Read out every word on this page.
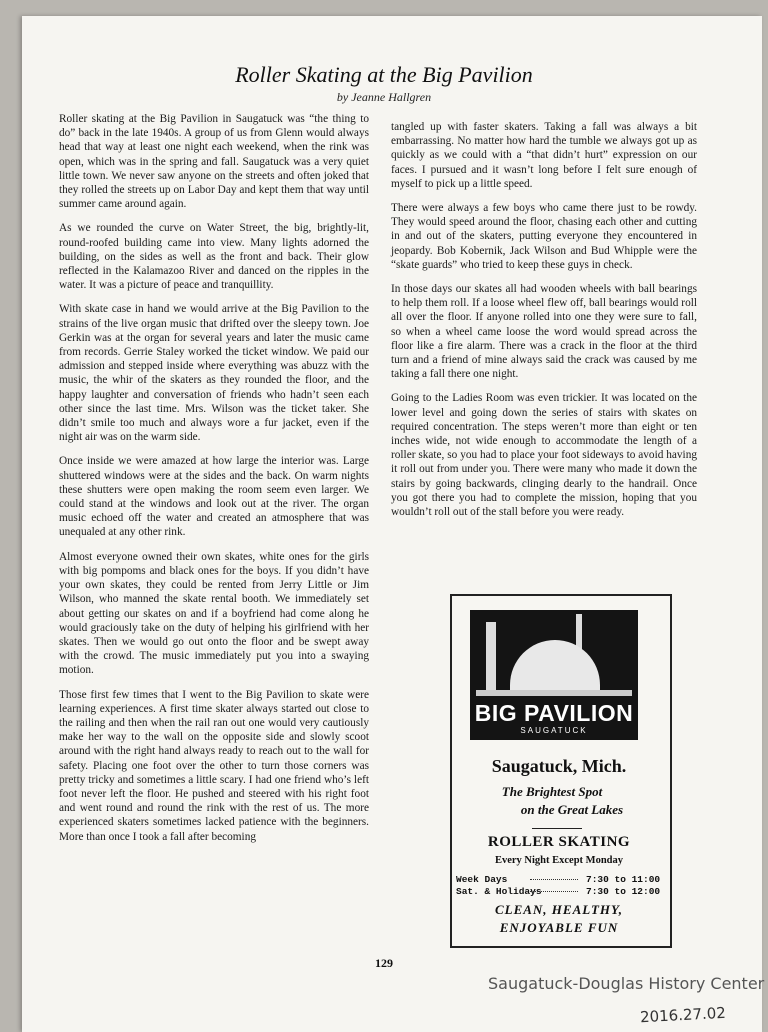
Roller Skating at the Big Pavilion
by Jeanne Hallgren

Roller skating at the Big Pavilion in Saugatuck was “the thing to do” back in the late 1940s. A group of us from Glenn would always head that way at least one night each weekend, when the rink was open, which was in the spring and fall. Saugatuck was a very quiet little town. We never saw anyone on the streets and often joked that they rolled the streets up on Labor Day and kept them that way until summer came around again.

As we rounded the curve on Water Street, the big, brightly-lit, round-roofed building came into view. Many lights adorned the building, on the sides as well as the front and back. Their glow reflected in the Kalamazoo River and danced on the ripples in the water. It was a picture of peace and tranquillity.

With skate case in hand we would arrive at the Big Pavilion to the strains of the live organ music that drifted over the sleepy town. Joe Gerkin was at the organ for several years and later the music came from records. Gerrie Staley worked the ticket window. We paid our admission and stepped inside where everything was abuzz with the music, the whir of the skaters as they rounded the floor, and the happy laughter and conversation of friends who hadn’t seen each other since the last time. Mrs. Wilson was the ticket taker. She didn’t smile too much and always wore a fur jacket, even if the night air was on the warm side.

Once inside we were amazed at how large the interior was. Large shuttered windows were at the sides and the back. On warm nights these shutters were open making the room seem even larger. We could stand at the windows and look out at the river. The organ music echoed off the water and created an atmosphere that was unequaled at any other rink.

Almost everyone owned their own skates, white ones for the girls with big pompoms and black ones for the boys. If you didn’t have your own skates, they could be rented from Jerry Little or Jim Wilson, who manned the skate rental booth. We immediately set about getting our skates on and if a boyfriend had come along he would graciously take on the duty of helping his girlfriend with her skates. Then we would go out onto the floor and be swept away with the crowd. The music immediately put you into a swaying motion.

Those first few times that I went to the Big Pavilion to skate were learning experiences. A first time skater always started out close to the railing and then when the rail ran out one would very cautiously make her way to the wall on the opposite side and slowly scoot around with the right hand always ready to reach out to the wall for safety. Placing one foot over the other to turn those corners was pretty tricky and sometimes a little scary. I had one friend who’s left foot never left the floor. He pushed and steered with his right foot and went round and round the rink with the rest of us. The more experienced skaters sometimes lacked patience with the beginners. More than once I took a fall after becoming

tangled up with faster skaters. Taking a fall was always a bit embarrassing. No matter how hard the tumble we always got up as quickly as we could with a “that didn’t hurt” expression on our faces. I pursued and it wasn’t long before I felt sure enough of myself to pick up a little speed.

There were always a few boys who came there just to be rowdy. They would speed around the floor, chasing each other and cutting in and out of the skaters, putting everyone they encountered in jeopardy. Bob Kobernik, Jack Wilson and Bud Whipple were the “skate guards” who tried to keep these guys in check.

In those days our skates all had wooden wheels with ball bearings to help them roll. If a loose wheel flew off, ball bearings would roll all over the floor. If anyone rolled into one they were sure to fall, so when a wheel came loose the word would spread across the floor like a fire alarm. There was a crack in the floor at the third turn and a friend of mine always said the crack was caused by me taking a fall there one night.

Going to the Ladies Room was even trickier. It was located on the lower level and going down the series of stairs with skates on required concentration. The steps weren’t more than eight or ten inches wide, not wide enough to accommodate the length of a roller skate, so you had to place your foot sideways to avoid having it roll out from under you. There were many who made it down the stairs by going backwards, clinging dearly to the handrail. Once you got there you had to complete the mission, hoping that you wouldn’t roll out of the stall before you were ready.

BIG PAVILION
SAUGATUCK
Saugatuck, Mich.
The Brightest Spot
on the Great Lakes
ROLLER SKATING
Every Night Except Monday
Week Days	7:30 to 11:00
Sat. & Holidays	7:30 to 12:00
CLEAN, HEALTHY,
ENJOYABLE FUN
129
Saugatuck-Douglas History Center
2016.27.02
